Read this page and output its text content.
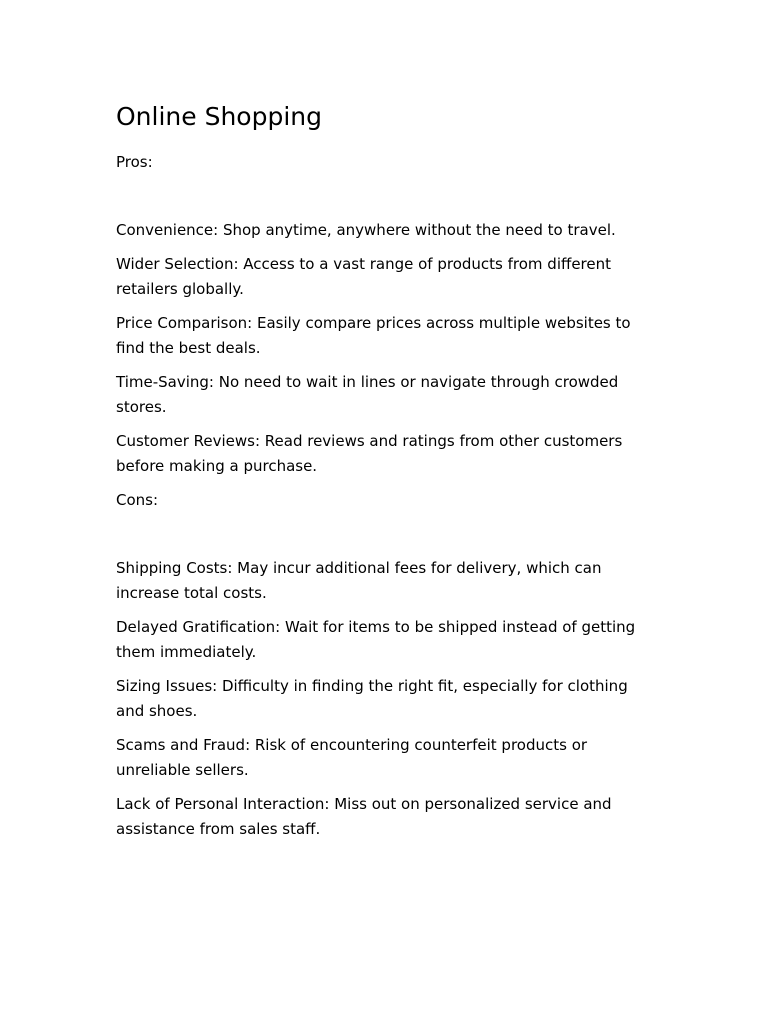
Online Shopping

Pros:

Convenience: Shop anytime, anywhere without the need to travel.
Wider Selection: Access to a vast range of products from different retailers globally.
Price Comparison: Easily compare prices across multiple websites to find the best deals.
Time-Saving: No need to wait in lines or navigate through crowded stores.
Customer Reviews: Read reviews and ratings from other customers before making a purchase.

Cons:

Shipping Costs: May incur additional fees for delivery, which can increase total costs.
Delayed Gratification: Wait for items to be shipped instead of getting them immediately.
Sizing Issues: Difficulty in finding the right fit, especially for clothing and shoes.
Scams and Fraud: Risk of encountering counterfeit products or unreliable sellers.
Lack of Personal Interaction: Miss out on personalized service and assistance from sales staff.
